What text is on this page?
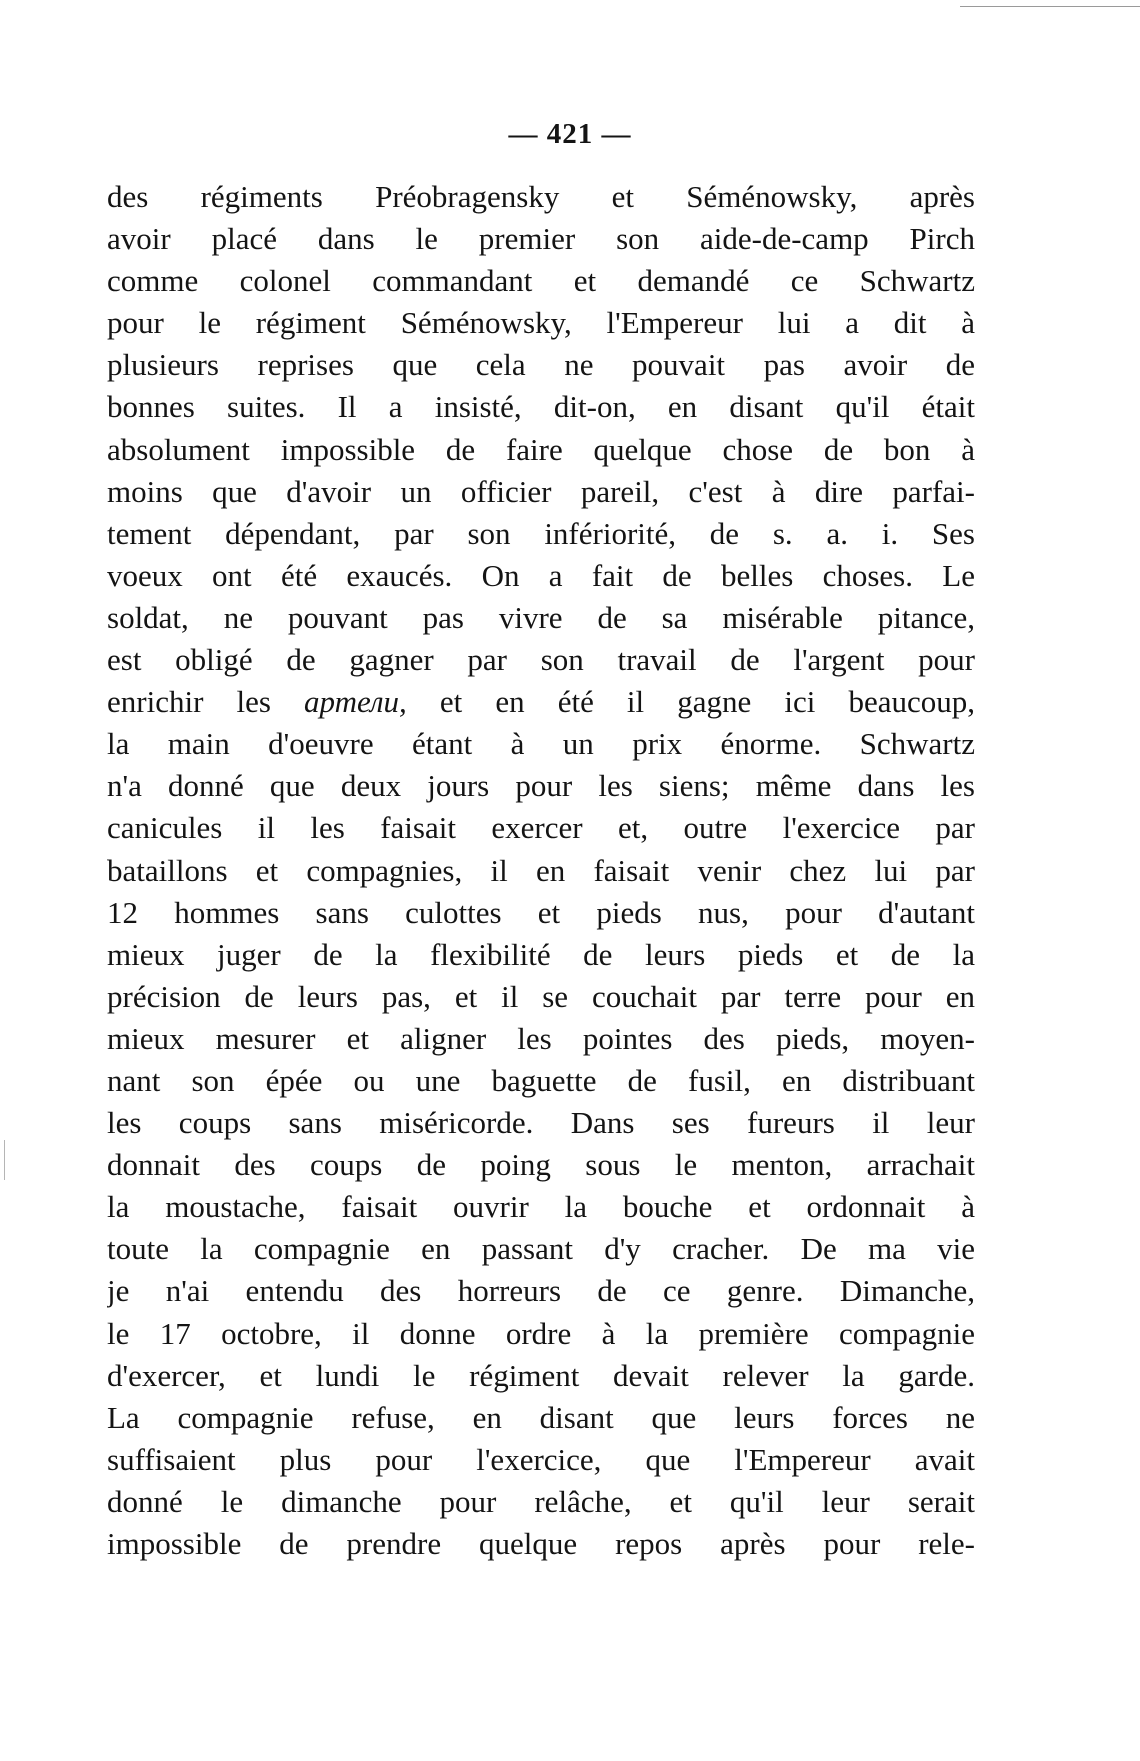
— 421 —
des régiments Préobragensky et Séménowsky, après
avoir placé dans le premier son aide-de-camp Pirch
comme colonel commandant et demandé ce Schwartz
pour le régiment Séménowsky, l'Empereur lui a dit à
plusieurs reprises que cela ne pouvait pas avoir de
bonnes suites. Il a insisté, dit-on, en disant qu'il était
absolument impossible de faire quelque chose de bon à
moins que d'avoir un officier pareil, c'est à dire parfai-
tement dépendant, par son infériorité, de s. a. i. Ses
voeux ont été exaucés. On a fait de belles choses. Le
soldat, ne pouvant pas vivre de sa misérable pitance,
est obligé de gagner par son travail de l'argent pour
enrichir les артели, et en été il gagne ici beaucoup,
la main d'oeuvre étant à un prix énorme. Schwartz
n'a donné que deux jours pour les siens; même dans les
canicules il les faisait exercer et, outre l'exercice par
bataillons et compagnies, il en faisait venir chez lui par
12 hommes sans culottes et pieds nus, pour d'autant
mieux juger de la flexibilité de leurs pieds et de la
précision de leurs pas, et il se couchait par terre pour en
mieux mesurer et aligner les pointes des pieds, moyen-
nant son épée ou une baguette de fusil, en distribuant
les coups sans miséricorde. Dans ses fureurs il leur
donnait des coups de poing sous le menton, arrachait
la moustache, faisait ouvrir la bouche et ordonnait à
toute la compagnie en passant d'y cracher. De ma vie
je n'ai entendu des horreurs de ce genre. Dimanche,
le 17 octobre, il donne ordre à la première compagnie
d'exercer, et lundi le régiment devait relever la garde.
La compagnie refuse, en disant que leurs forces ne
suffisaient plus pour l'exercice, que l'Empereur avait
donné le dimanche pour relâche, et qu'il leur serait
impossible de prendre quelque repos après pour rele-
